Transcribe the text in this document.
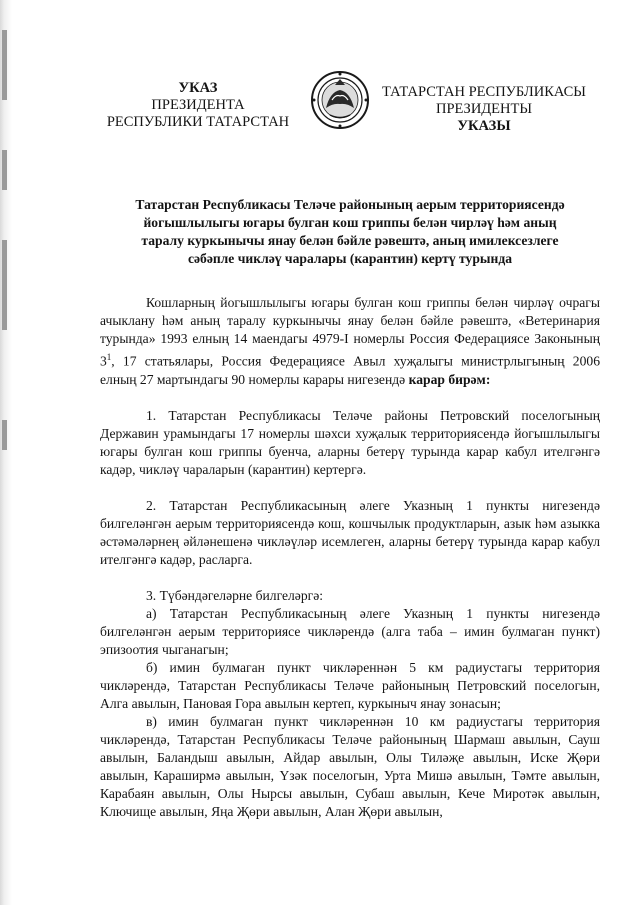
УКАЗ
ПРЕЗИДЕНТА
РЕСПУБЛИКИ ТАТАРСТАН
ТАТАРСТАН РЕСПУБЛИКАСЫ
ПРЕЗИДЕНТЫ
УКАЗЫ
Татарстан Республикасы Теләче районының аерым территориясендә
йогышлылыгы югары булган кош гриппы белән чирләү һәм аның
таралу куркынычы янау белән бәйле рәвештә, аның имилексезлеге
сәбәпле чикләү чаралары (карантин) кертү турында

Кошларның йогышлылыгы югары булган кош гриппы белән чирләү очрагы ачыклану һәм аның таралу куркынычы янау белән бәйле рәвештә, «Ветеринария турында» 1993 елның 14 маендагы 4979-I номерлы Россия Федерациясе Законының $3^1$, 17 статьялары, Россия Федерациясе Авыл хуҗалыгы министрлыгының 2006 елның 27 мартындагы 90 номерлы карары нигезендә карар бирәм:

1. Татарстан Республикасы Теләче районы Петровский поселогының Державин урамындагы 17 номерлы шәхси хуҗалык территориясендә йогышлылыгы югары булган кош гриппы буенча, аларны бетерү турында карар кабул ителгәнгә кадәр, чикләү чараларын (карантин) кертергә.

2. Татарстан Республикасының әлеге Указның 1 пункты нигезендә билгеләнгән аерым территориясендә кош, кошчылык продуктларын, азык һәм азыкка әстәмәләрнең әйләнешенә чикләүләр исемлеген, аларны бетерү турында карар кабул ителгәнгә кадәр, расларга.

3. Түбәндәгеләрне билгеләргә:

а) Татарстан Республикасының әлеге Указның 1 пункты нигезендә билгеләнгән аерым территориясе чикләрендә (алга таба – имин булмаган пункт) эпизоотия чыганагын;

б) имин булмаган пункт чикләреннән 5 км радиустагы территория чикләрендә, Татарстан Республикасы Теләче районының Петровский поселогын, Алга авылын, Пановая Гора авылын кертеп, куркыныч янау зонасын;

в) имин булмаган пункт чикләреннән 10 км радиустагы территория чикләрендә, Татарстан Республикасы Теләче районының Шармаш авылын, Сауш авылын, Баландыш авылын, Айдар авылын, Олы Тиләҗе авылын, Иске Җөри авылын, Караширмә авылын, Үзәк поселогын, Урта Мишә авылын, Тәмте авылын, Карабаян авылын, Олы Нырсы авылын, Субаш авылын, Кече Миротәк авылын, Ключище авылын, Яңа Җөри авылын, Алан Җөри авылын,
